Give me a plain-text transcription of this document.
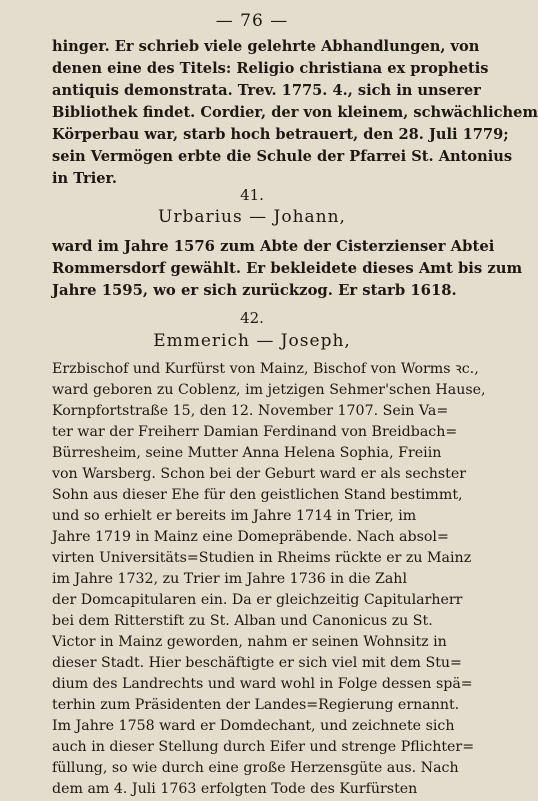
— 76 —
hinger. Er schrieb viele gelehrte Abhandlungen, von
denen eine des Titels: Religio christiana ex prophetis
antiquis demonstrata. Trev. 1775. 4., sich in unserer
Bibliothek findet. Cordier, der von kleinem, schwächlichem
Körperbau war, starb hoch betrauert, den 28. Juli 1779;
sein Vermögen erbte die Schule der Pfarrei St. Antonius
in Trier.
41.
Urbarius — Johann,
ward im Jahre 1576 zum Abte der Cisterzienser Abtei
Rommersdorf gewählt. Er bekleidete dieses Amt bis zum
Jahre 1595, wo er sich zurückzog. Er starb 1618.
42.
Emmerich — Joseph,
Erzbischof und Kurfürst von Mainz, Bischof von Worms ꝛc.,
ward geboren zu Coblenz, im jetzigen Sehmer'schen Hause,
Kornpfortstraße 15, den 12. November 1707. Sein Va=
ter war der Freiherr Damian Ferdinand von Breidbach=
Bürresheim, seine Mutter Anna Helena Sophia, Freiin
von Warsberg. Schon bei der Geburt ward er als sechster
Sohn aus dieser Ehe für den geistlichen Stand bestimmt,
und so erhielt er bereits im Jahre 1714 in Trier, im
Jahre 1719 in Mainz eine Domepräbende. Nach absol=
virten Universitäts=Studien in Rheims rückte er zu Mainz
im Jahre 1732, zu Trier im Jahre 1736 in die Zahl
der Domcapitularen ein. Da er gleichzeitig Capitularherr
bei dem Ritterstift zu St. Alban und Canonicus zu St.
Victor in Mainz geworden, nahm er seinen Wohnsitz in
dieser Stadt. Hier beschäftigte er sich viel mit dem Stu=
dium des Landrechts und ward wohl in Folge dessen spä=
terhin zum Präsidenten der Landes=Regierung ernannt.
Im Jahre 1758 ward er Domdechant, und zeichnete sich
auch in dieser Stellung durch Eifer und strenge Pflichter=
füllung, so wie durch eine große Herzensgüte aus. Nach
dem am 4. Juli 1763 erfolgten Tode des Kurfürsten
